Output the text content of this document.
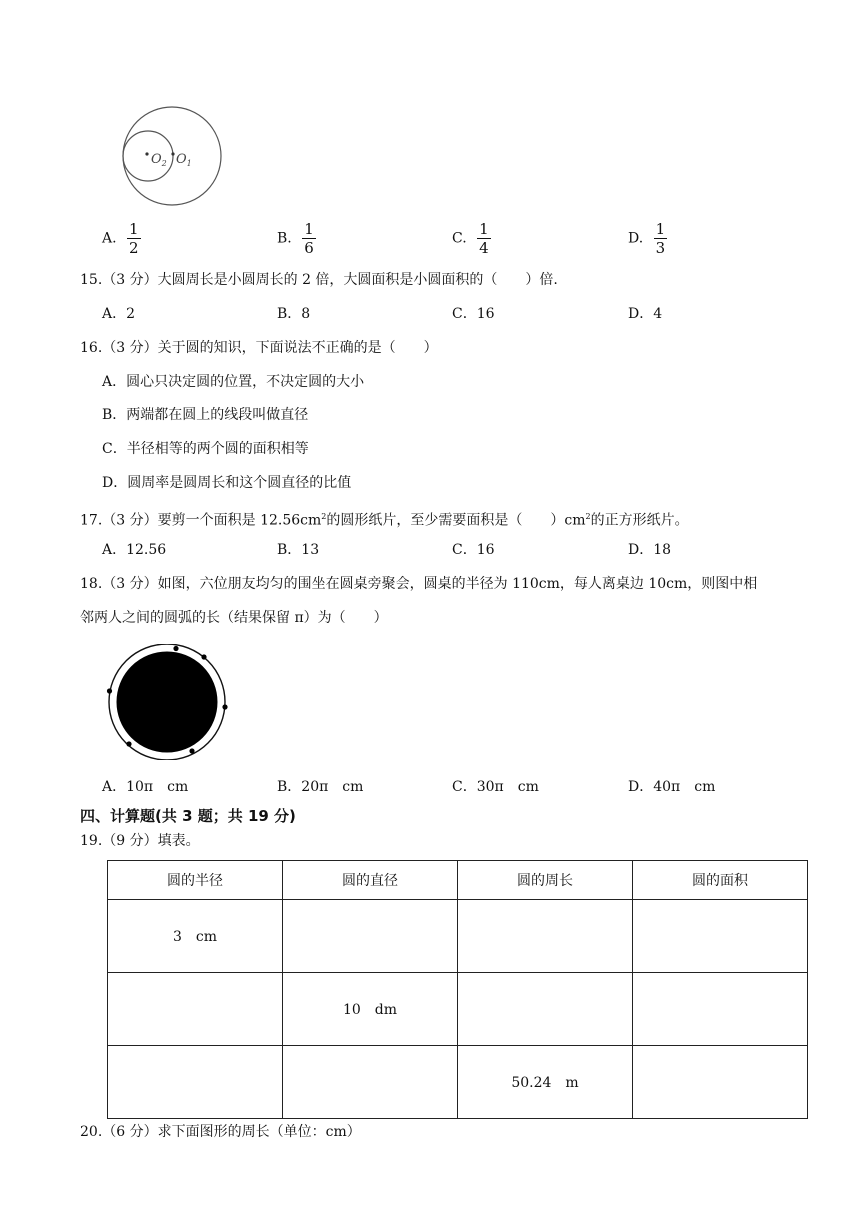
$O_2$ $O_1$
A. $\frac{1}{2}$	B. $\frac{1}{6}$	C. $\frac{1}{4}$	D. $\frac{1}{3}$
15.（3 分）大圆周长是小圆周长的 2 倍，大圆面积是小圆面积的（　　）倍.
A．2	B．8	C．16	D．4
16.（3 分）关于圆的知识，下面说法不正确的是（　　）
A．圆心只决定圆的位置，不决定圆的大小
B．两端都在圆上的线段叫做直径
C．半径相等的两个圆的面积相等
D．圆周率是圆周长和这个圆直径的比值
17.（3 分）要剪一个面积是 $12.56cm^2$的圆形纸片，至少需要面积是（　　）$cm^2$的正方形纸片。
A．12.56	B．13	C．16	D．18
18.（3 分）如图，六位朋友均匀的围坐在圆桌旁聚会，圆桌的半径为 110cm，每人离桌边 10cm，则图中相
邻两人之间的圆弧的长（结果保留 π）为（　　）
A．10π　cm	B．20π　cm	C．30π　cm	D．40π　cm
四、计算题(共 3 题；共 19 分)
19.（9 分）填表。
圆的半径	圆的直径	圆的周长	圆的面积
3　cm			
	10　dm		
		50.24　m	
20.（6 分）求下面图形的周长（单位：cm）
